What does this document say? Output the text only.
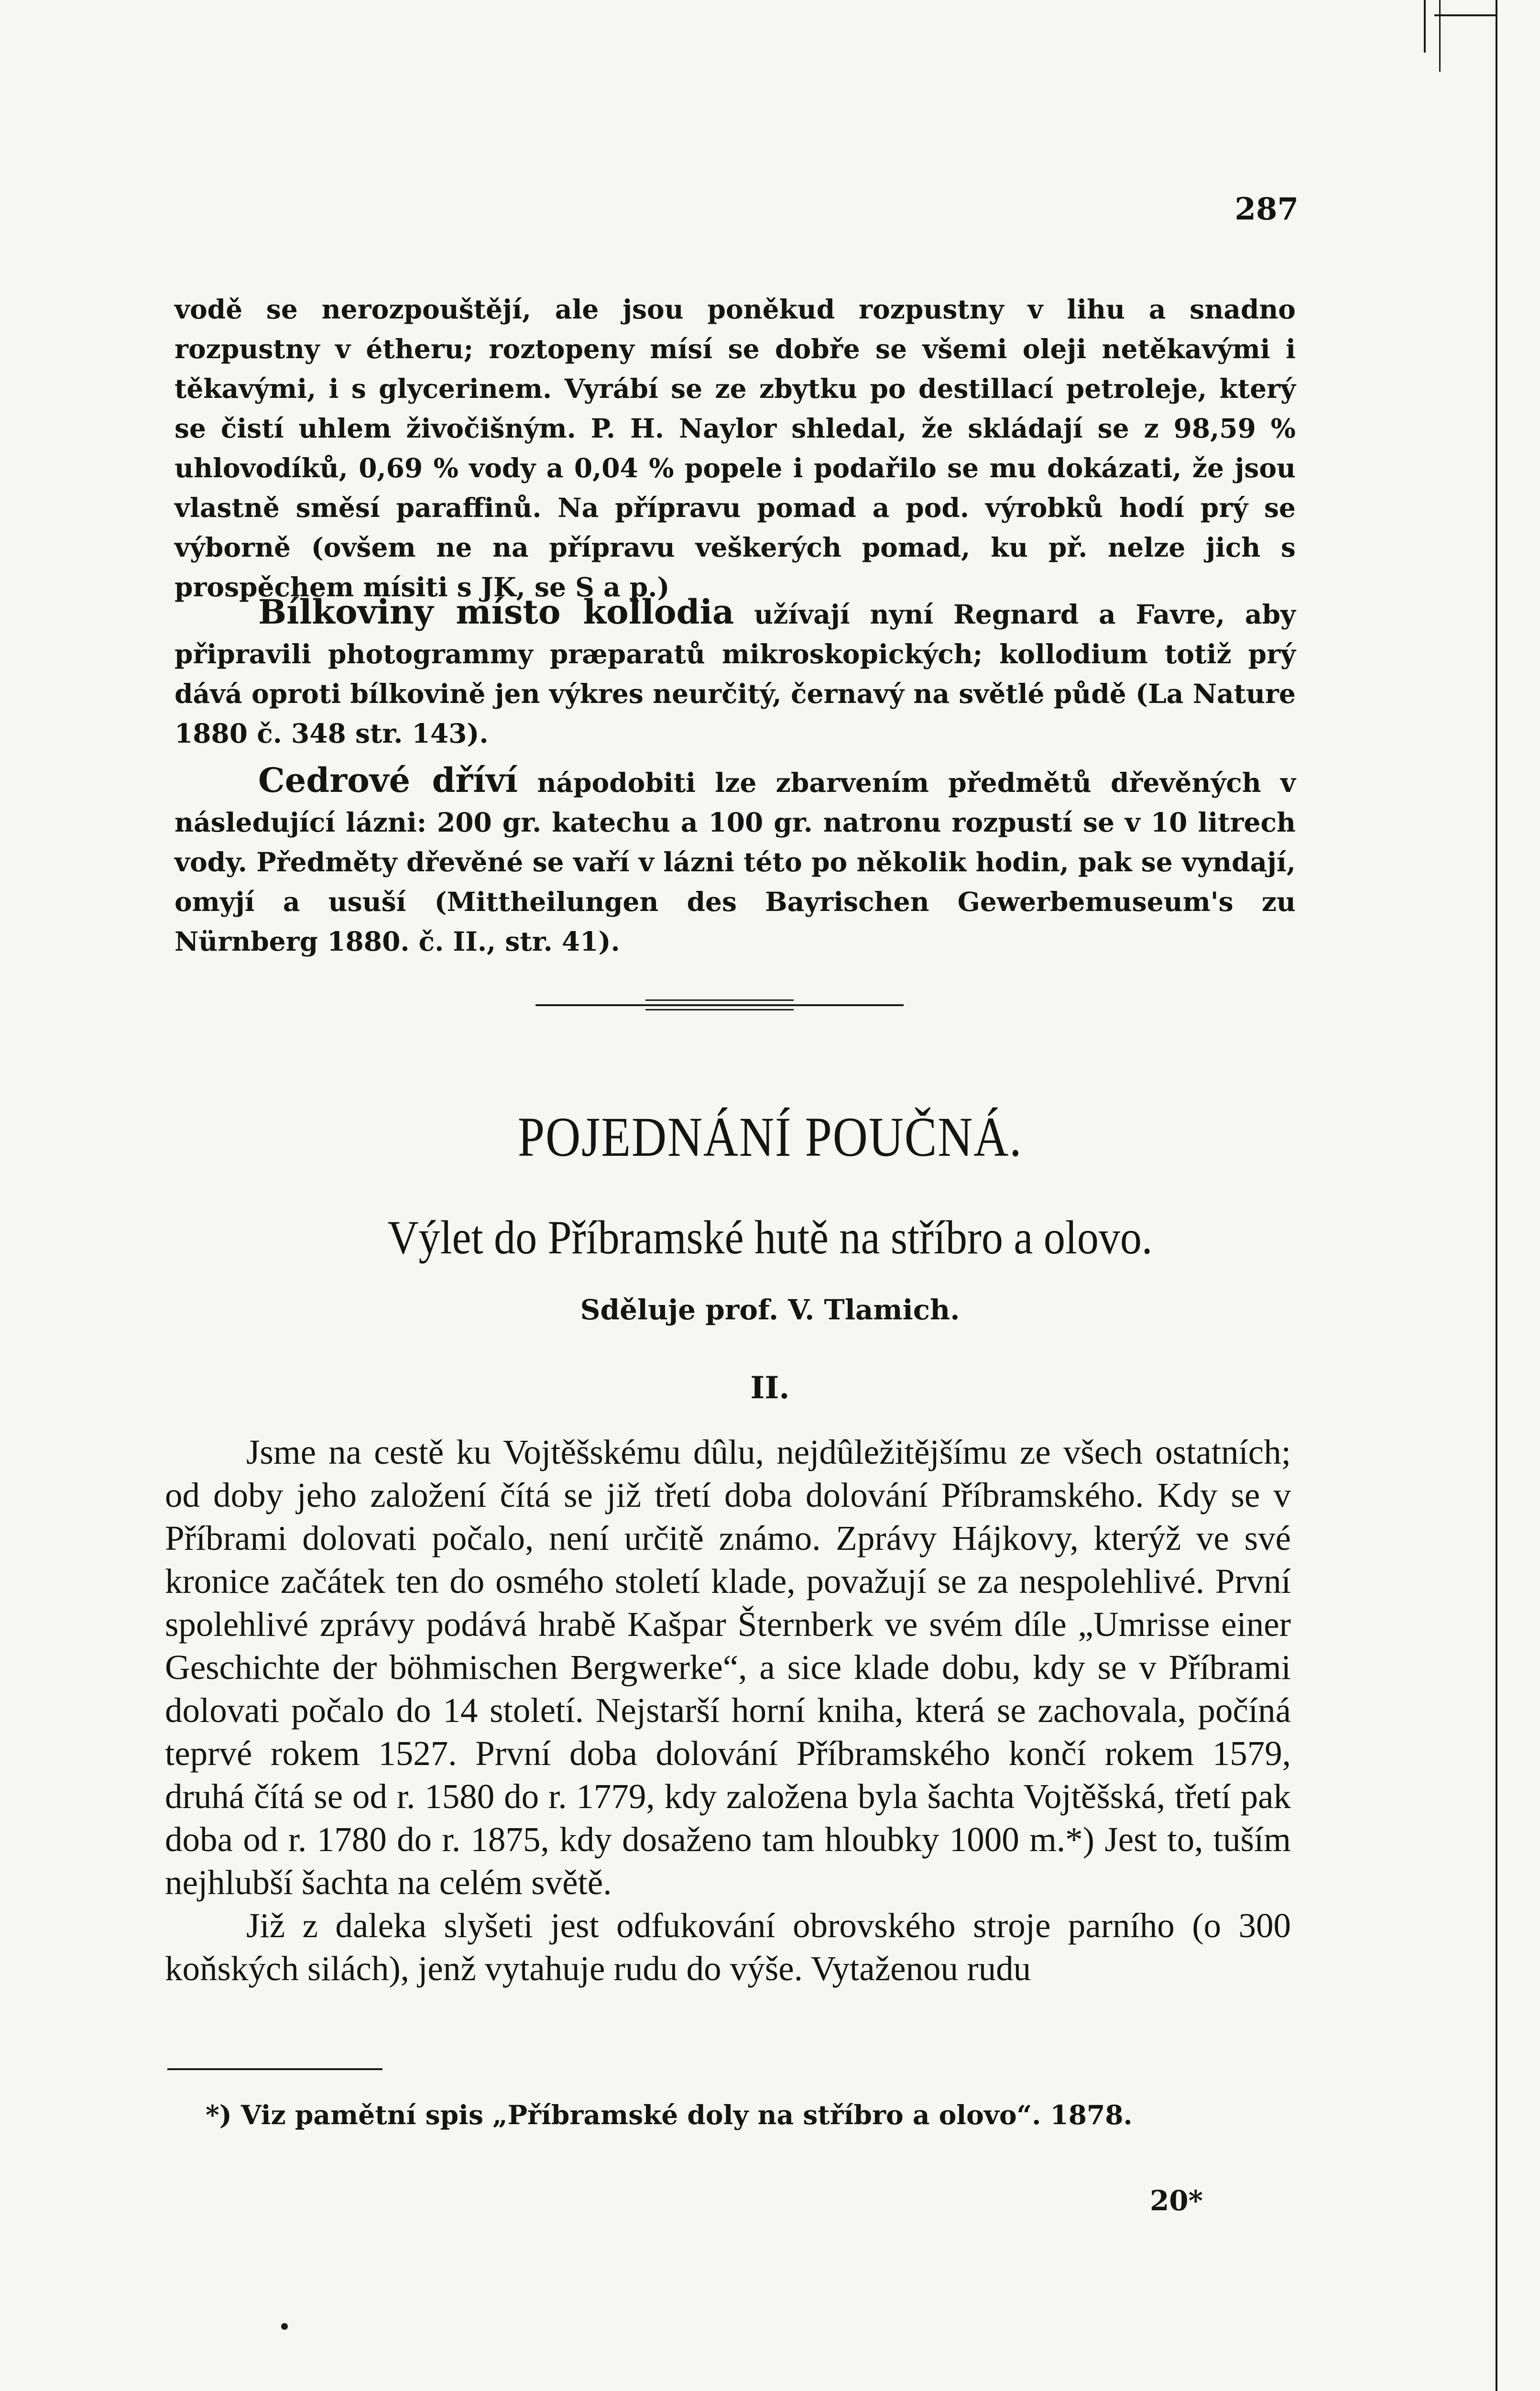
287

vodě se nerozpouštějí, ale jsou poněkud rozpustny v lihu a snadno rozpustny v étheru; roztopeny mísí se dobře se všemi oleji netěkavými i těkavými, i s glycerinem. Vyrábí se ze zbytku po destillací petroleje, který se čistí uhlem živočišným. P. H. Naylor shledal, že skládají se z 98,59 % uhlovodíků, 0,69 % vody a 0,04 % popele i podařilo se mu dokázati, že jsou vlastně směsí paraffinů. Na přípravu pomad a pod. výrobků hodí prý se výborně (ovšem ne na přípravu veškerých pomad, ku př. nelze jich s prospěchem mísiti s JK, se S a p.)

Bílkoviny místo kollodia užívají nyní Regnard a Favre, aby připravili photogrammy præparatů mikroskopických; kollodium totiž prý dává oproti bílkovině jen výkres neurčitý, černavý na světlé půdě (La Nature 1880 č. 348 str. 143).

Cedrové dříví nápodobiti lze zbarvením předmětů dřevěných v následující lázni: 200 gr. katechu a 100 gr. natronu rozpustí se v 10 litrech vody. Předměty dřevěné se vaří v lázni této po několik hodin, pak se vyndají, omyjí a usuší (Mittheilungen des Bayrischen Gewerbemuseum's zu Nürnberg 1880. č. II., str. 41).

POJEDNÁNÍ POUČNÁ.
Výlet do Příbramské hutě na stříbro a olovo.
Sděluje prof. V. Tlamich.
II.

Jsme na cestě ku Vojtěšskému dûlu, nejdûležitějšímu ze všech ostatních; od doby jeho založení čítá se již třetí doba dolování Příbramského. Kdy se v Příbrami dolovati počalo, není určitě známo. Zprávy Hájkovy, kterýž ve své kronice začátek ten do osmého století klade, považují se za nespolehlivé. První spolehlivé zprávy podává hrabě Kašpar Šternberk ve svém díle „Umrisse einer Geschichte der böhmischen Bergwerke“, a sice klade dobu, kdy se v Příbrami dolovati počalo do 14 století. Nejstarší horní kniha, která se zachovala, počíná teprvé rokem 1527. První doba dolování Příbramského končí rokem 1579, druhá čítá se od r. 1580 do r. 1779, kdy založena byla šachta Vojtěšská, třetí pak doba od r. 1780 do r. 1875, kdy dosaženo tam hloubky 1000 m.*) Jest to, tuším nejhlubší šachta na celém světě.

Již z daleka slyšeti jest odfukování obrovského stroje parního (o 300 koňských silách), jenž vytahuje rudu do výše. Vytaženou rudu

*) Viz pamětní spis „Příbramské doly na stříbro a olovo“. 1878.
20*
